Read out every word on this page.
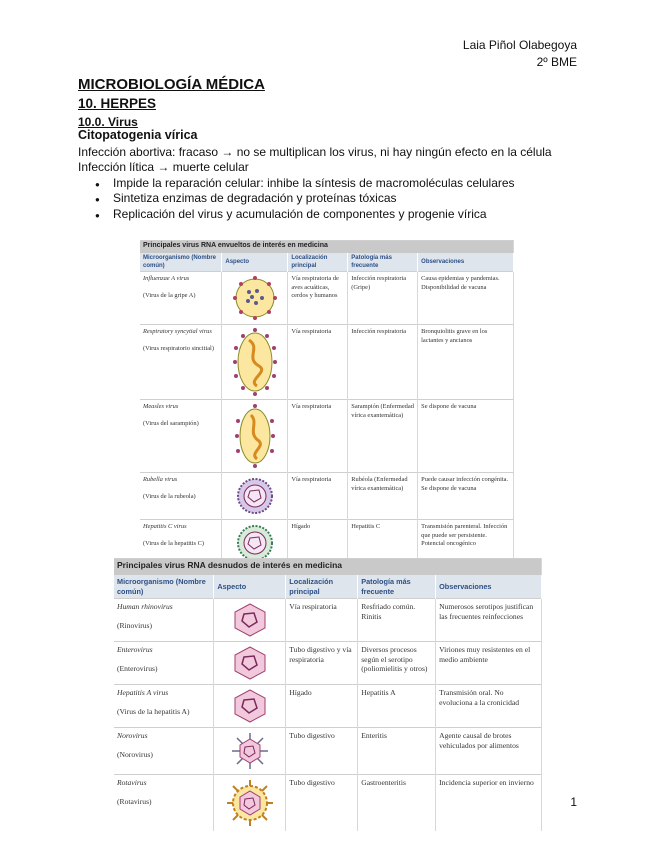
Laia Piñol Olabegoya
2º BME
MICROBIOLOGÍA MÉDICA
10. HERPES
10.0. Virus
Citopatogenia vírica
Infección abortiva: fracaso → no se multiplican los virus, ni hay ningún efecto en la célula
Infección lítica → muerte celular
● Impide la reparación celular: inhibe la síntesis de macromoléculas celulares
● Sintetiza enzimas de degradación y proteínas tóxicas
● Replicación del virus y acumulación de componentes y progenie vírica
Principales virus RNA envueltos de interés en medicina				
Microorganismo (Nombre común)	Aspecto	Localización principal	Patología más frecuente	Observaciones

Influenzae A virus

(Virus de la gripe A)		Vía respiratoria de aves acuáticas, cerdos y humanos	Infección respiratoria (Gripe)	Causa epidemias y pandemias. Disponibilidad de vacuna

Respiratory syncytial virus

(Virus respiratorio sincitial)		Vía respiratoria	Infección respiratoria	Bronquiolitis grave en los lactantes y ancianos

Measles virus

(Virus del sarampión)		Vía respiratoria	Sarampión (Enfermedad vírica exantemática)	Se dispone de vacuna

Rubella virus

(Virus de la rubeola)		Vía respiratoria	Rubéola (Enfermedad vírica exantemática)	Puede causar infección congénita. Se dispone de vacuna

Hepatitis C virus

(Virus de la hepatitis C)		Hígado	Hepatitis C	Transmisión parenteral. Infección que puede ser persistente. Potencial oncogénico
Principales virus RNA desnudos de interés en medicina				
Microorganismo (Nombre común)	Aspecto	Localización principal	Patología más frecuente	Observaciones

Human rhinovirus

(Rinovirus)		Vía respiratoria	Resfriado común. Rinitis	Numerosos serotipos justifican las frecuentes reinfecciones

Enterovirus

(Enterovirus)		Tubo digestivo y vía respiratoria	Diversos procesos según el serotipo (poliomielitis y otros)	Viriones muy resistentes en el medio ambiente

Hepatitis A virus

(Virus de la hepatitis A)		Hígado	Hepatitis A	Transmisión oral. No evoluciona a la cronicidad

Norovirus

(Norovirus)		Tubo digestivo	Enteritis	Agente causal de brotes vehiculados por alimentos

Rotavirus

(Rotavirus)		Tubo digestivo	Gastroenteritis	Incidencia superior en invierno
1
